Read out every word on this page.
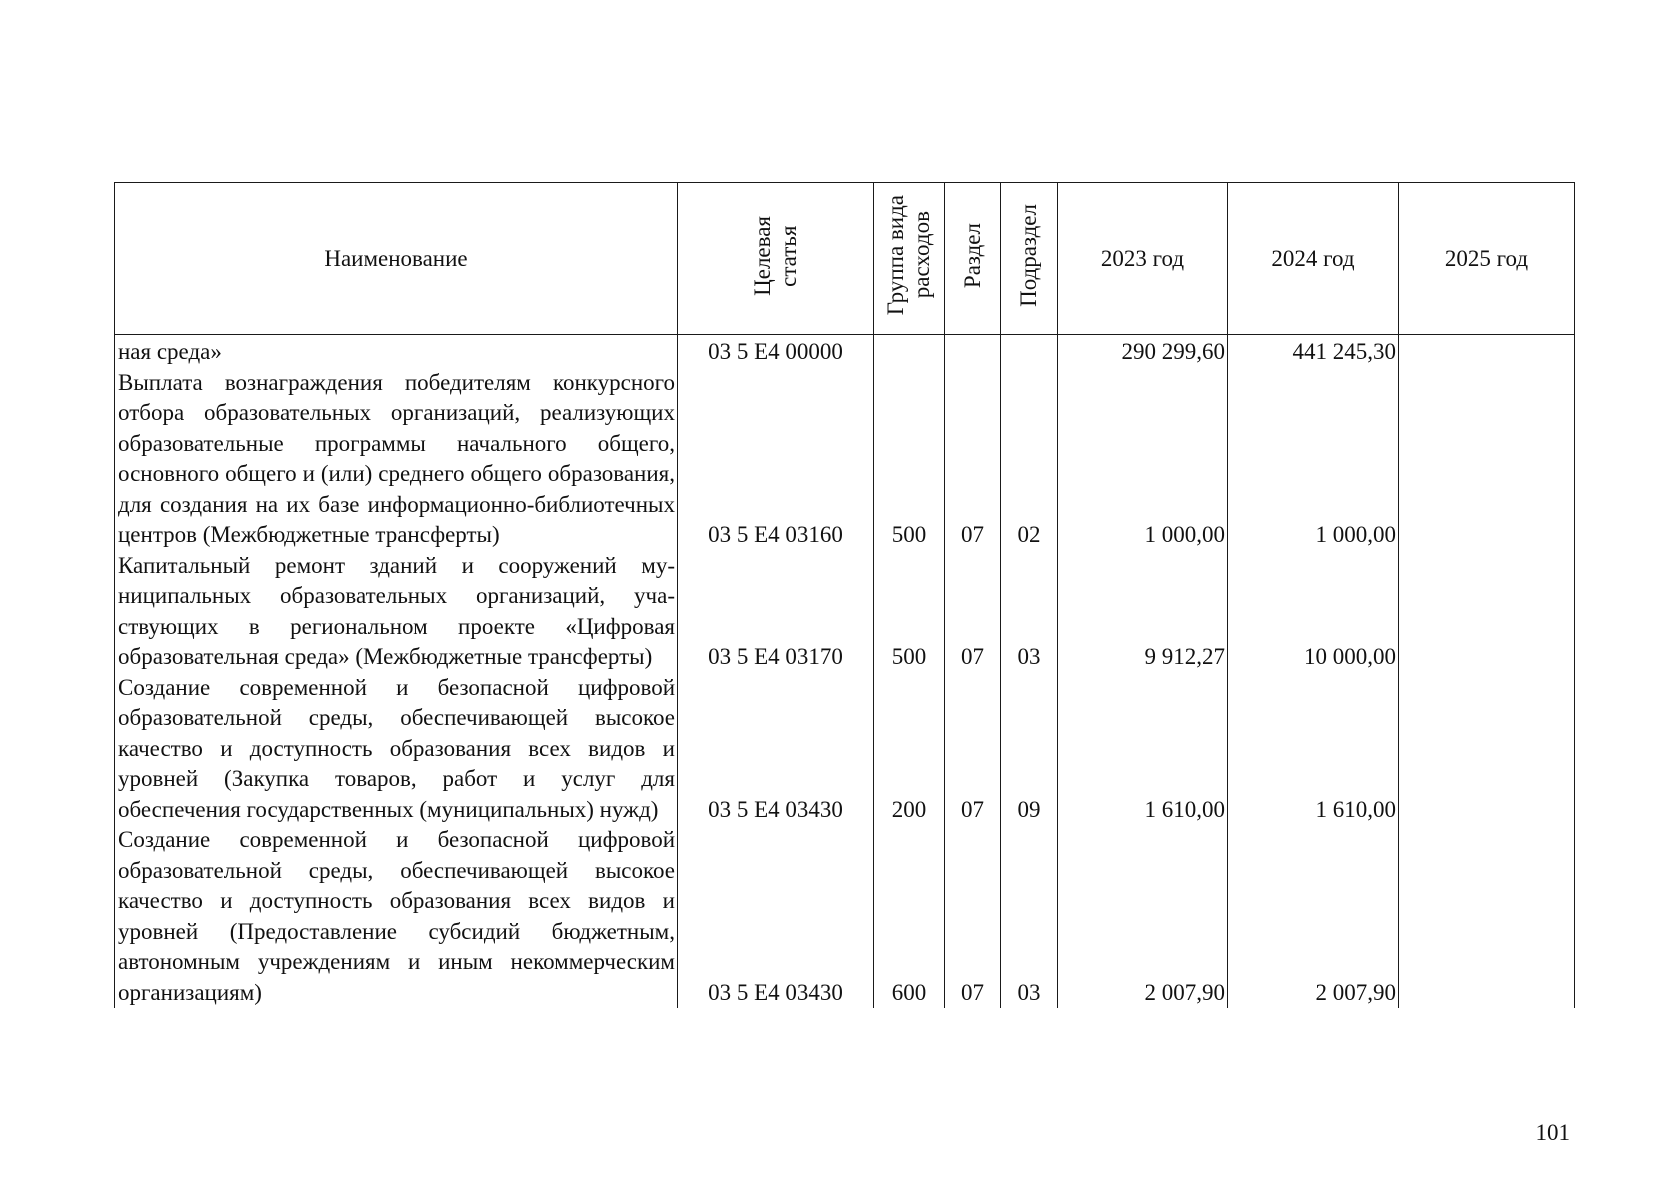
Наименование	Целевая статья	Группа вида расходов	Раздел	Подраздел	2023 год	2024 год	2025 год
ная среда»	03 5 E4 00000				290 299,60	441 245,30	
Выплата вознаграждения победителям конкурсного отбора образовательных организаций, реализующих образовательные программы начального общего, основного общего и (или) среднего общего образования, для создания на их базе информационно-библиотечных центров (Межбюджетные трансферты)	03 5 E4 03160	500	07	02	1 000,00	1 000,00	
Капитальный ремонт зданий и сооружений муниципальных образовательных организаций, участвующих в региональном проекте «Цифровая образовательная среда» (Межбюджетные трансферты)	03 5 E4 03170	500	07	03	9 912,27	10 000,00	
Создание современной и безопасной цифровой образовательной среды, обеспечивающей высокое качество и доступность образования всех видов и уровней (Закупка товаров, работ и услуг для обеспечения государственных (муниципальных) нужд)	03 5 E4 03430	200	07	09	1 610,00	1 610,00	
Создание современной и безопасной цифровой образовательной среды, обеспечивающей высокое качество и доступность образования всех видов и уровней (Предоставление субсидий бюджетным, автономным учреждениям и иным некоммерческим организациям)	03 5 E4 03430	600	07	03	2 007,90	2 007,90	
101
